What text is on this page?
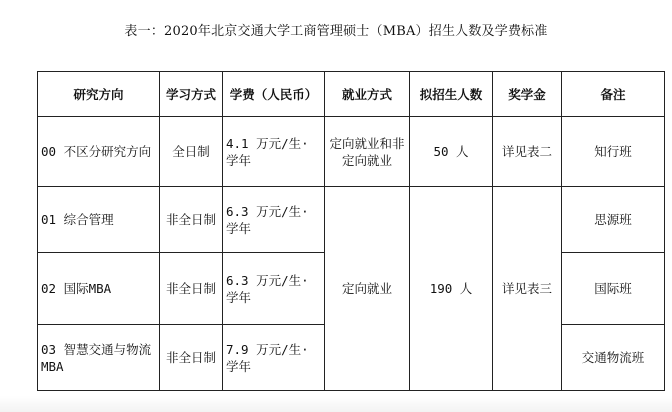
表一：2020年北京交通大学工商管理硕士（MBA）招生人数及学费标准
研究方向	学习方式	学费（人民币）	就业方式	拟招生人数	奖学金	备注
00 不区分研究方向	全日制	4.1 万元/生·学年	定向就业和非定向就业	50 人	详见表二	知行班
01 综合管理	非全日制	6.3 万元/生·学年	定向就业	190 人	详见表三	思源班
02 国际MBA	非全日制	6.3 万元/生·学年				国际班
03 智慧交通与物流MBA	非全日制	7.9 万元/生·学年				交通物流班
